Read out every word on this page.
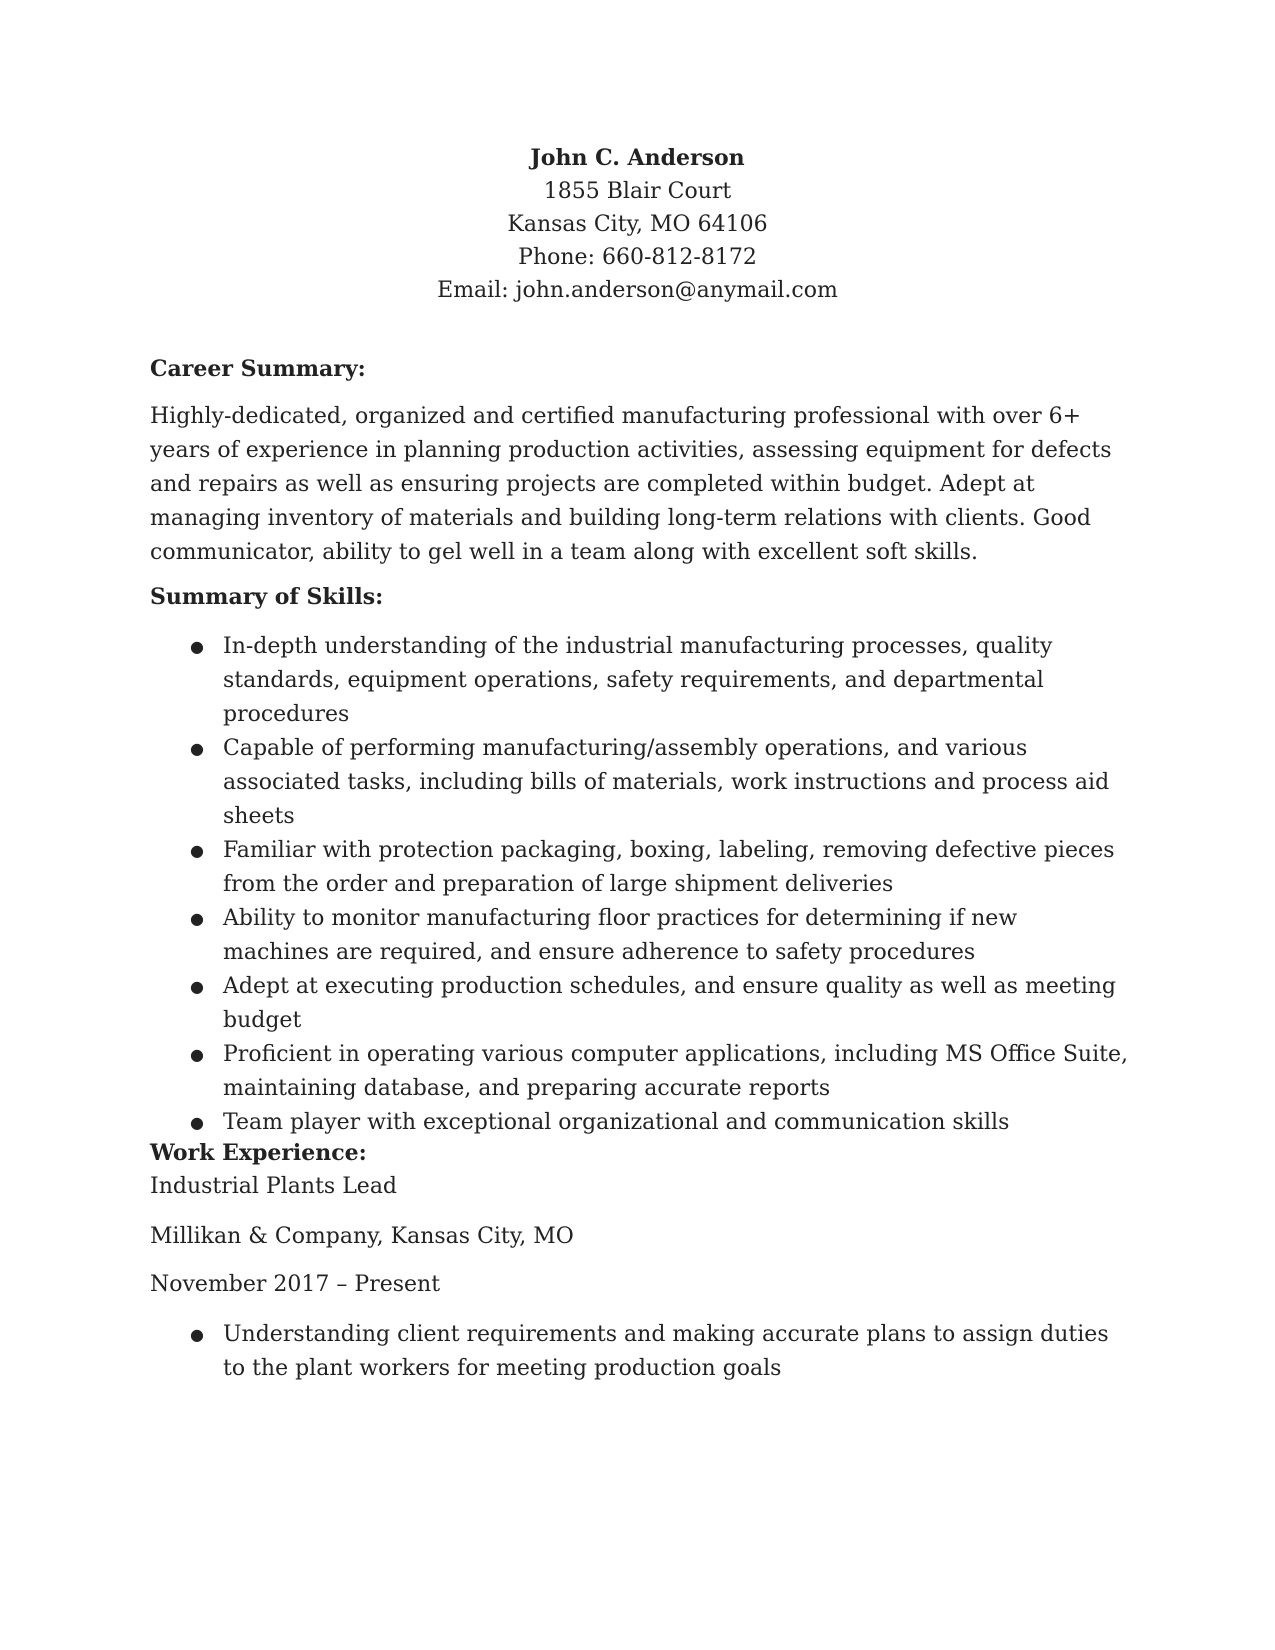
John C. Anderson
1855 Blair Court
Kansas City, MO 64106
Phone: 660-812-8172
Email: john.anderson@anymail.com

Career Summary:

Highly-dedicated, organized and certified manufacturing professional with over 6+ years of experience in planning production activities, assessing equipment for defects and repairs as well as ensuring projects are completed within budget. Adept at managing inventory of materials and building long-term relations with clients. Good communicator, ability to gel well in a team along with excellent soft skills.

Summary of Skills:

● In-depth understanding of the industrial manufacturing processes, quality standards, equipment operations, safety requirements, and departmental procedures
● Capable of performing manufacturing/assembly operations, and various associated tasks, including bills of materials, work instructions and process aid sheets
● Familiar with protection packaging, boxing, labeling, removing defective pieces from the order and preparation of large shipment deliveries
● Ability to monitor manufacturing floor practices for determining if new machines are required, and ensure adherence to safety procedures
● Adept at executing production schedules, and ensure quality as well as meeting budget
● Proficient in operating various computer applications, including MS Office Suite, maintaining database, and preparing accurate reports
● Team player with exceptional organizational and communication skills

Work Experience:

Industrial Plants Lead

Millikan & Company, Kansas City, MO

November 2017 – Present

● Understanding client requirements and making accurate plans to assign duties to the plant workers for meeting production goals
